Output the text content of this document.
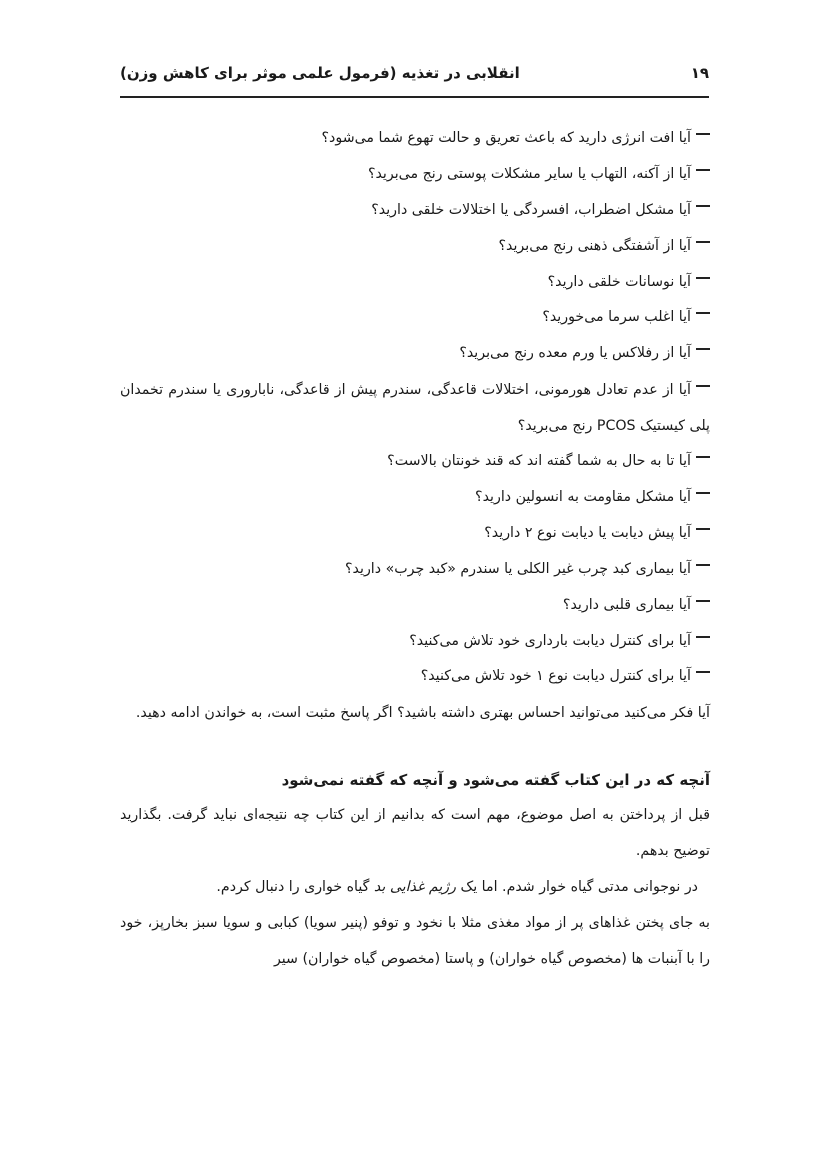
۱۹
انقلابی در تغذیه (فرمول علمی موثر برای کاهش وزن)
آیا افت انرژی دارید که باعث تعریق و حالت تهوع شما می‌شود؟
آیا از آکنه، التهاب یا سایر مشکلات پوستی رنج می‌برید؟
آیا مشکل اضطراب، افسردگی یا اختلالات خلقی دارید؟
آیا از آشفتگی ذهنی رنج می‌برید؟
آیا نوسانات خلقی دارید؟
آیا اغلب سرما می‌خورید؟
آیا از رفلاکس یا ورم معده رنج می‌برید؟
آیا از عدم تعادل هورمونی، اختلالات قاعدگی، سندرم پیش از قاعدگی، ناباروری یا سندرم تخمدان پلی کیستیک PCOS رنج می‌برید؟
آیا تا به حال به شما گفته اند که قند خونتان بالاست؟
آیا مشکل مقاومت به انسولین دارید؟
آیا پیش دیابت یا دیابت نوع ۲ دارید؟
آیا بیماری کبد چرب غیر الکلی یا سندرم «کبد چرب» دارید؟
آیا بیماری قلبی دارید؟
آیا برای کنترل دیابت بارداری خود تلاش می‌کنید؟
آیا برای کنترل دیابت نوع ۱ خود تلاش می‌کنید؟
آیا فکر می‌کنید می‌توانید احساس بهتری داشته باشید؟ اگر پاسخ مثبت است، به خواندن ادامه دهید.
آنچه که در این کتاب گفته می‌شود و آنچه که گفته نمی‌شود
قبل از پرداختن به اصل موضوع، مهم است که بدانیم از این کتاب چه نتیجه‌ای نباید گرفت. بگذارید توضیح بدهم.
در نوجوانی مدتی گیاه خوار شدم. اما یک رژیم غذایی بد گیاه خواری را دنبال کردم.
به جای پختن غذاهای پر از مواد مغذی مثلا با نخود و توفو (پنیر سویا) کبابی و سویا سبز بخارپز، خود را با آبنبات ها (مخصوص گیاه خواران) و پاستا (مخصوص گیاه خواران) سیر
